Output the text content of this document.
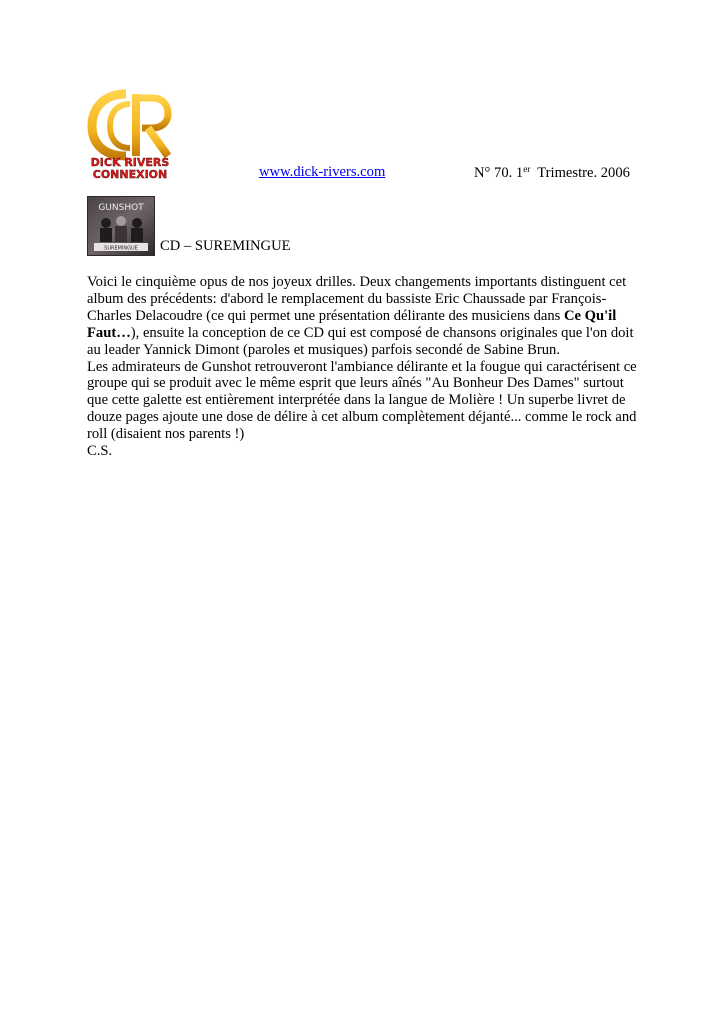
DICK RIVERS
CONNEXION	www.dick-rivers.com	N° 70. 1er  Trimestre. 2006
GUNSHOT
SUREMINGUE CD – SUREMINGUE

Voici le cinquième opus de nos joyeux drilles. Deux changements importants distinguent cet

album des précédents: d'abord le remplacement du bassiste Eric Chaussade par François-

Charles Delacoudre (ce qui permet une présentation délirante des musiciens dans Ce Qu'il

Faut…), ensuite la conception de ce CD qui est composé de chansons originales que l'on doit

au leader Yannick Dimont (paroles et musiques) parfois secondé de Sabine Brun.

Les admirateurs de Gunshot retrouveront l'ambiance délirante et la fougue qui caractérisent ce

groupe qui se produit avec le même esprit que leurs aînés "Au Bonheur Des Dames" surtout

que cette galette est entièrement interprétée dans la langue de Molière ! Un superbe livret de

douze pages ajoute une dose de délire à cet album complètement déjanté... comme le rock and

roll (disaient nos parents !)

C.S.
